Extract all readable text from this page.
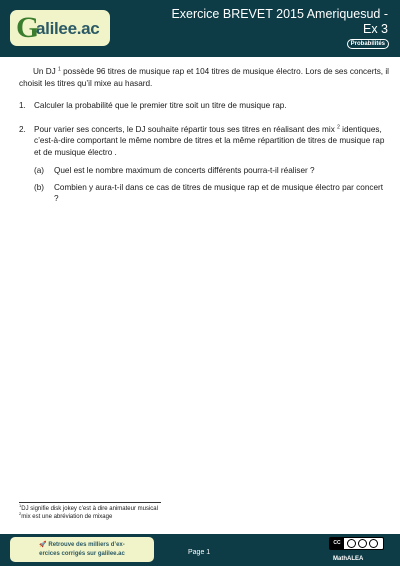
G
alilee.ac
Exercice BREVET 2015 Ameriquesud -
Ex 3
Probabilités

Un DJ $^1$ possède 96 titres de musique rap et 104 titres de musique électro. Lors de ses concerts, il choisit les titres qu’il mixe au hasard.

1. Calculer la probabilité que le premier titre soit un titre de musique rap.
2. Pour varier ses concerts, le DJ souhaite répartir tous ses titres en réalisant des mix $^2$ identiques, c’est-à-dire comportant le même nombre de titres et la même répartition de titres de musique rap et de musique électro .
(a) Quel est le nombre maximum de concerts différents pourra-t-il réaliser ?
(b) Combien y aura-t-il dans ce cas de titres de musique rap et de musique électro par concert ?
$^1$DJ signifie disk jokey c’est à dire animateur musical
$^2$mix est une abréviation de mixage
🚀 Retrouve des milliers d’ex-
ercices corrigés sur galilee.ac	Page 1
CC
MathALEA
